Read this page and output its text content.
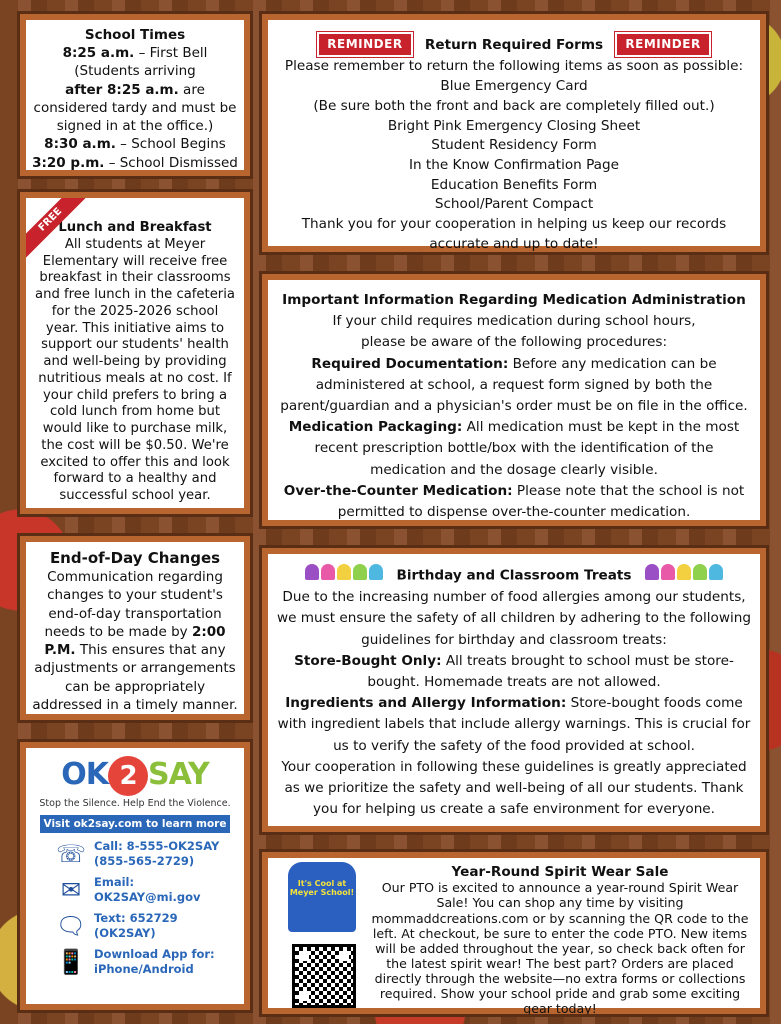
School Times
8:25 a.m. – First Bell
(Students arriving
after 8:25 a.m. are considered tardy and must be signed in at the office.)
8:30 a.m. – School Begins
3:20 p.m. – School Dismissed
FREE
Lunch and Breakfast
All students at Meyer Elementary will receive free breakfast in their classrooms and free lunch in the cafeteria for the 2025-2026 school year. This initiative aims to support our students' health and well-being by providing nutritious meals at no cost. If your child prefers to bring a cold lunch from home but would like to purchase milk, the cost will be $0.50. We're excited to offer this and look forward to a healthy and successful school year.
End-of-Day Changes
Communication regarding changes to your student's end-of-day transportation needs to be made by 2:00 P.M. This ensures that any adjustments or arrangements can be appropriately addressed in a timely manner.
OK 2 SAY
Stop the Silence. Help End the Violence.
Visit ok2say.com to learn more
☏ Call: 8-555-OK2SAY
(855-565-2729)
✉	Email:
OK2SAY@mi.gov
🗨 Text: 652729
(OK2SAY)
📱 Download App for:
iPhone/Android
REMINDER Return Required Forms REMINDER
Please remember to return the following items as soon as possible:
Blue Emergency Card
(Be sure both the front and back are completely filled out.)
Bright Pink Emergency Closing Sheet
Student Residency Form
In the Know Confirmation Page
Education Benefits Form
School/Parent Compact
Thank you for your cooperation in helping us keep our records accurate and up to date!
Important Information Regarding Medication Administration
If your child requires medication during school hours, please be aware of the following procedures:
Required Documentation: Before any medication can be administered at school, a request form signed by both the parent/guardian and a physician's order must be on file in the office.
Medication Packaging: All medication must be kept in the most recent prescription bottle/box with the identification of the medication and the dosage clearly visible.
Over-the-Counter Medication: Please note that the school is not permitted to dispense over-the-counter medication.
Birthday and Classroom Treats
Due to the increasing number of food allergies among our students, we must ensure the safety of all children by adhering to the following guidelines for birthday and classroom treats:
Store-Bought Only: All treats brought to school must be store-bought. Homemade treats are not allowed.
Ingredients and Allergy Information: Store-bought foods come with ingredient labels that include allergy warnings. This is crucial for us to verify the safety of the food provided at school.
Your cooperation in following these guidelines is greatly appreciated as we prioritize the safety and well-being of all our students. Thank you for helping us create a safe environment for everyone.
It's Cool at Meyer School!
Year-Round Spirit Wear Sale
Our PTO is excited to announce a year-round Spirit Wear Sale! You can shop any time by visiting mommaddcreations.com or by scanning the QR code to the left. At checkout, be sure to enter the code PTO. New items will be added throughout the year, so check back often for the latest spirit wear! The best part? Orders are placed directly through the website—no extra forms or collections required. Show your school pride and grab some exciting gear today!
